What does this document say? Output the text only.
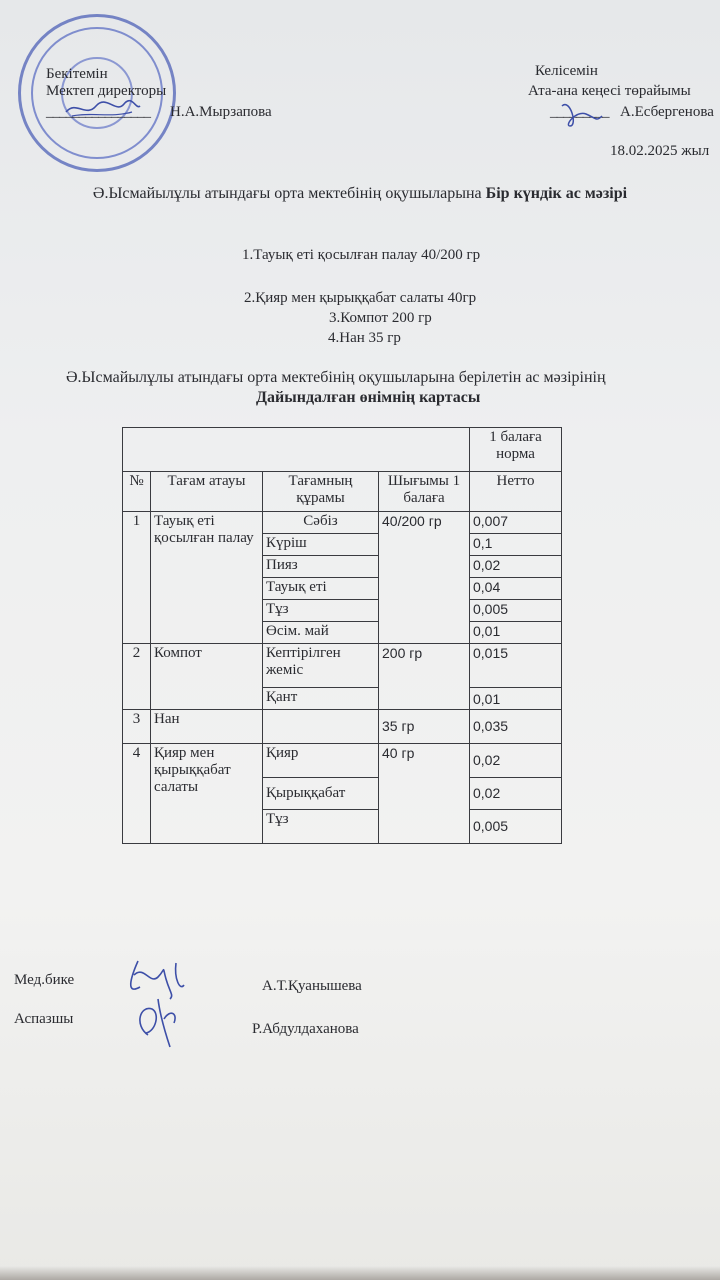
Бекітемін
Мектеп директоры
________________ Н.А.Мырзапова
Келісемін
Ата-ана кеңесі төрайымы
_________ А.Есбергенова
18.02.2025 жыл
Ә.Ысмайылұлы атындағы орта мектебінің оқушыларына Бір күндік ас мәзірі
1.Тауық еті қосылған палау 40/200 гр
2.Қияр мен қырыққабат салаты 40гр
3.Компот 200 гр
4.Нан 35 гр
Ә.Ысмайылұлы атындағы орта мектебінің оқушыларына берілетін ас мәзірінің
Дайындалған өнімнің картасы
				1 балаға норма
№	Тағам атауы	Тағамның құрамы	Шығымы 1 балаға	Нетто
1	Тауық еті қосылған палау	Сәбіз	40/200 гр	0,007
		Күріш		0,1
		Пияз		0,02
		Тауық еті		0,04
		Тұз		0,005
		Өсім. май		0,01
2	Компот	Кептірілген жеміс	200 гр	0,015
		Қант		0,01
3	Нан		35 гр	0,035
4	Қияр мен қырыққабат салаты	Қияр	40 гр	0,02
		Қырыққабат		0,02
		Тұз		0,005
Мед.бике	А.Т.Қуанышева
Аспазшы
Р.Абдулдаханова
